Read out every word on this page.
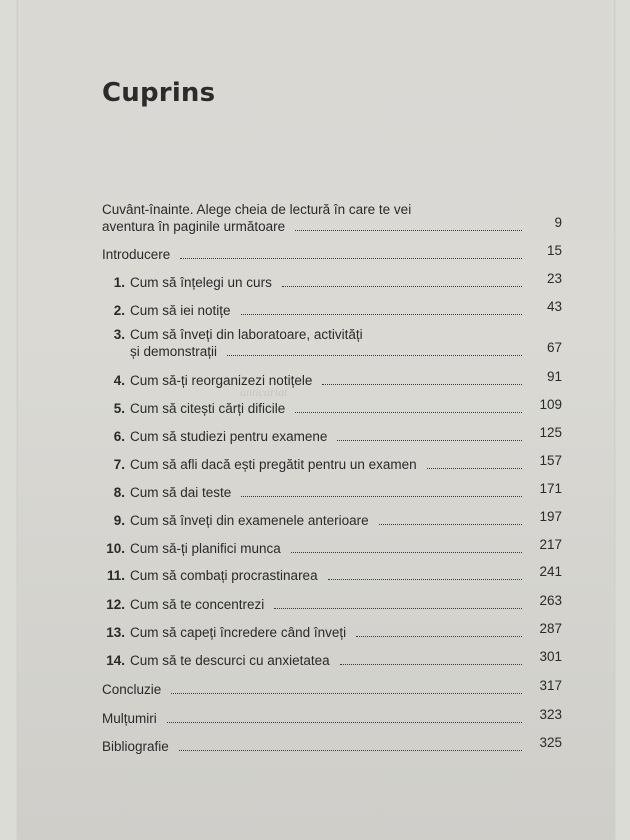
Cuprins
anticariat
Cuvânt-înainte. Alege cheia de lectură în care te vei
aventura în paginile următoare	9
Introducere	15
1. Cum să înțelegi un curs	23
2. Cum să iei notițe	43
3. Cum să înveți din laboratoare, activități
și demonstrații	67
4. Cum să-ți reorganizezi notițele	91
5. Cum să citești cărți dificile	109
6. Cum să studiezi pentru examene	125
7. Cum să afli dacă ești pregătit pentru un examen	157
8. Cum să dai teste	171
9. Cum să înveți din examenele anterioare	197
10. Cum să-ți planifici munca	217
11. Cum să combați procrastinarea	241
12. Cum să te concentrezi	263
13. Cum să capeți încredere când înveți	287
14. Cum să te descurci cu anxietatea	301
Concluzie	317
Mulțumiri	323
Bibliografie	325
